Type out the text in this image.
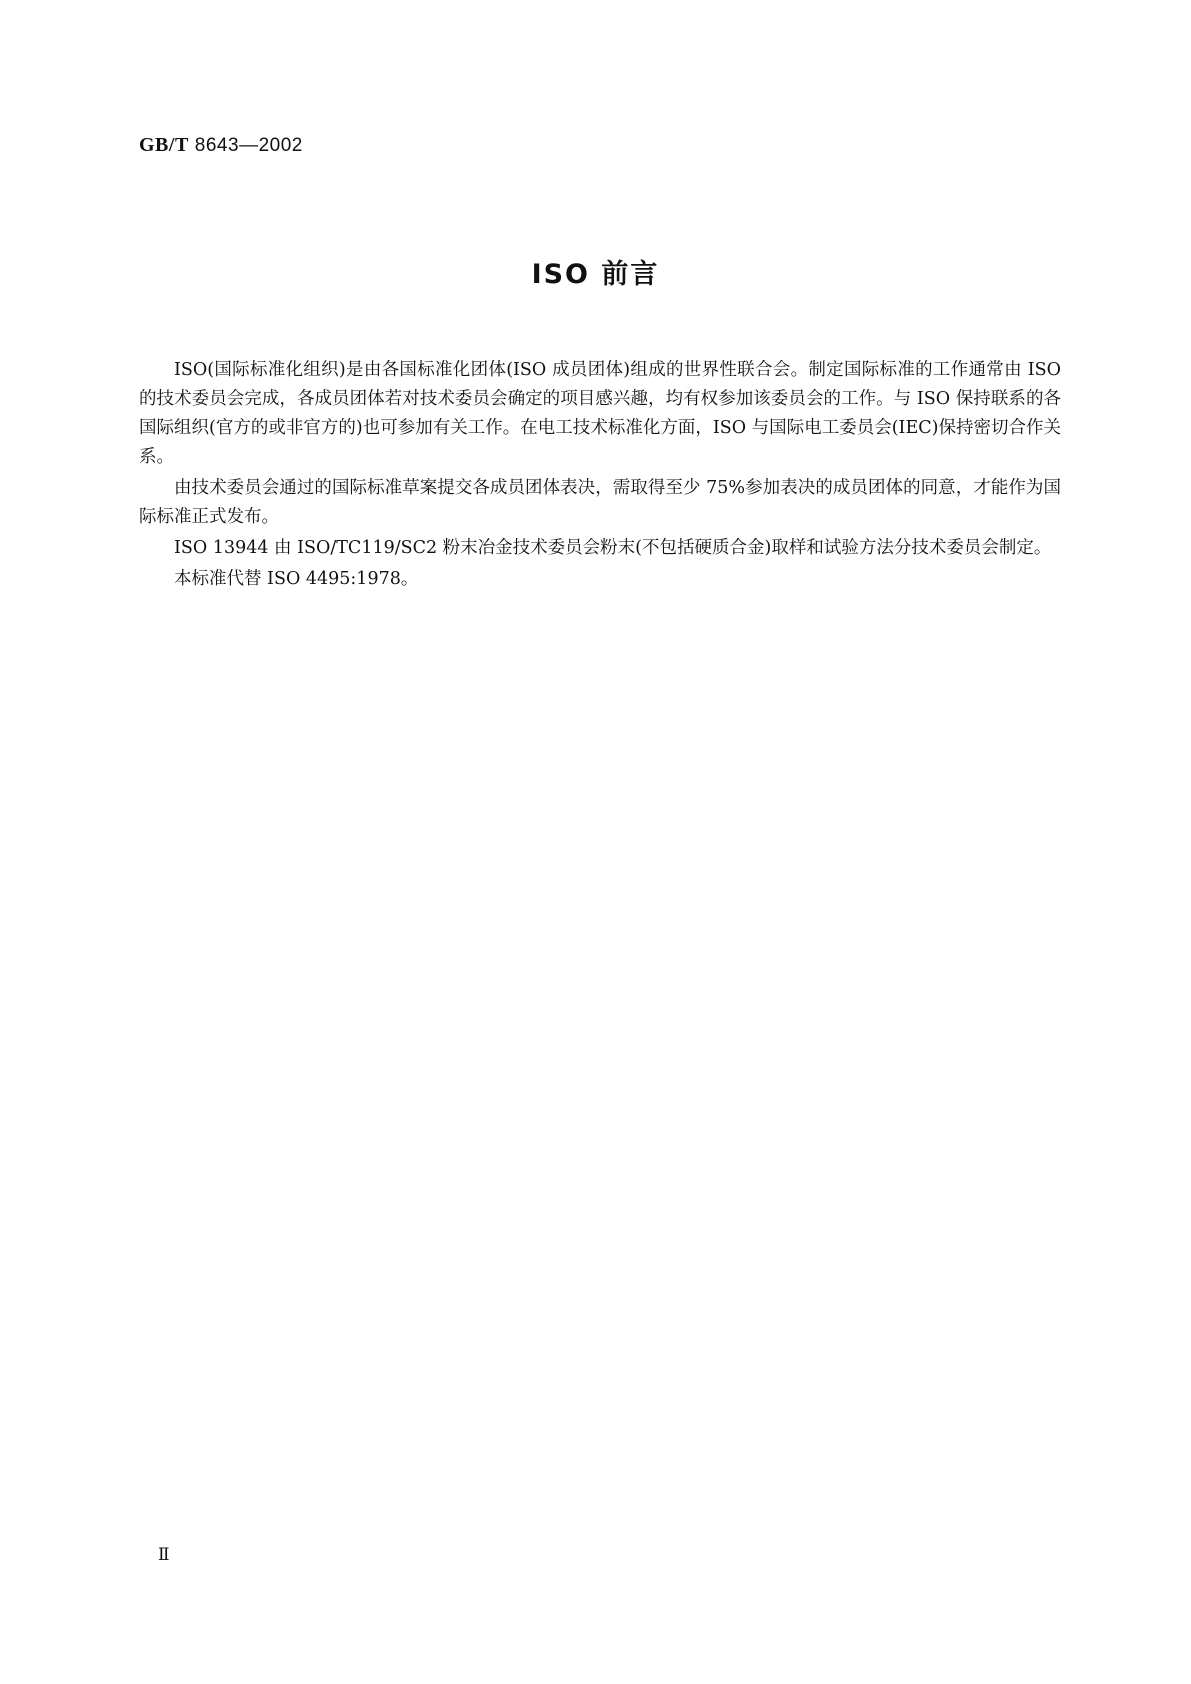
GB/T 8643—2002
ISO 前言

ISO(国际标准化组织)是由各国标准化团体(ISO 成员团体)组成的世界性联合会。制定国际标准的工作通常由 ISO 的技术委员会完成，各成员团体若对技术委员会确定的项目感兴趣，均有权参加该委员会的工作。与 ISO 保持联系的各国际组织(官方的或非官方的)也可参加有关工作。在电工技术标准化方面，ISO 与国际电工委员会(IEC)保持密切合作关系。

由技术委员会通过的国际标准草案提交各成员团体表决，需取得至少 75%参加表决的成员团体的同意，才能作为国际标准正式发布。

ISO 13944 由 ISO/TC119/SC2 粉末冶金技术委员会粉末(不包括硬质合金)取样和试验方法分技术委员会制定。

本标准代替 ISO 4495:1978。

Ⅱ
